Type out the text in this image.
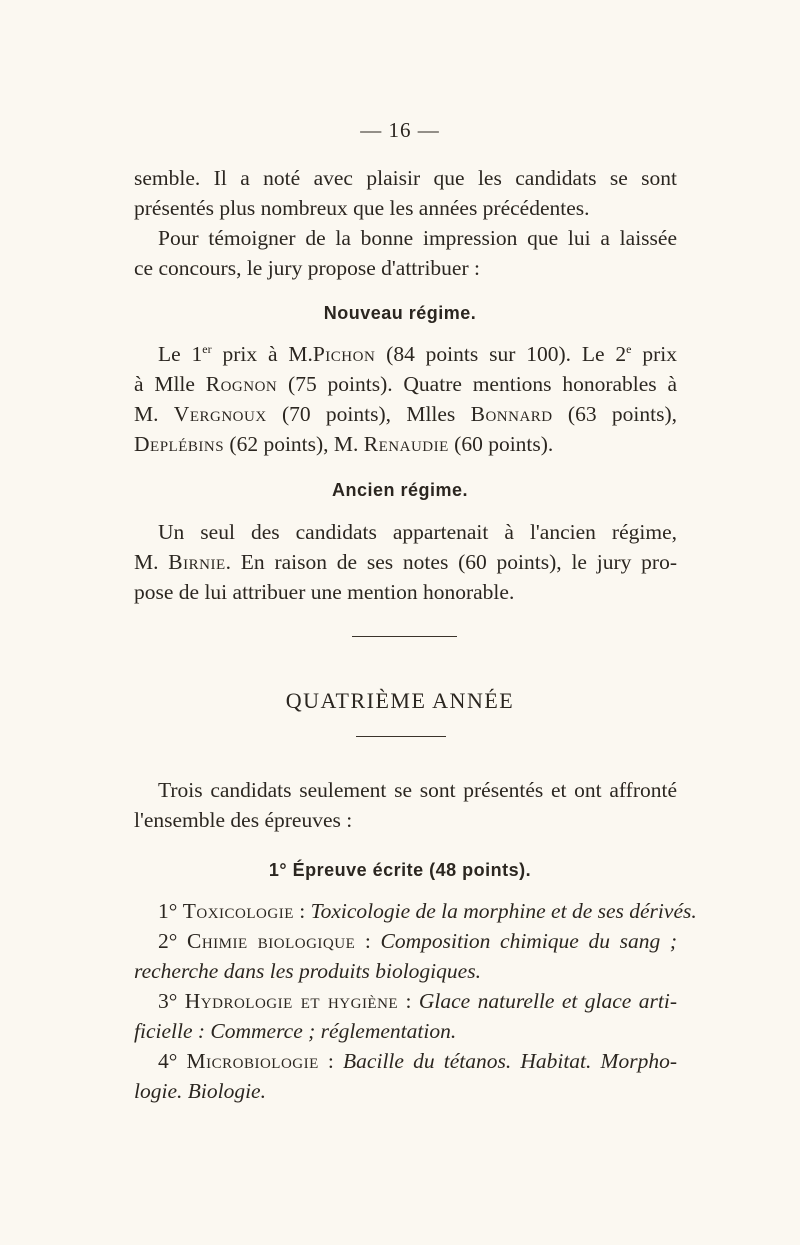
— 16 —
semble. Il a noté avec plaisir que les candidats se sont
présentés plus nombreux que les années précédentes.
Pour témoigner de la bonne impression que lui a laissée
ce concours, le jury propose d'attribuer :
Nouveau régime.
Le 1er prix à M.Pichon (84 points sur 100). Le 2e prix
à Mlle Rognon (75 points). Quatre mentions honorables à
M. Vergnoux (70 points), Mlles Bonnard (63 points),
Deplébins (62 points), M. Renaudie (60 points).
Ancien régime.
Un seul des candidats appartenait à l'ancien régime,
M. Birnie. En raison de ses notes (60 points), le jury pro-
pose de lui attribuer une mention honorable.
QUATRIÈME ANNÉE
Trois candidats seulement se sont présentés et ont affronté
l'ensemble des épreuves :
1° Épreuve écrite (48 points).
1° Toxicologie : Toxicologie de la morphine et de ses dérivés.
2° Chimie biologique : Composition chimique du sang ;
recherche dans les produits biologiques.
3° Hydrologie et hygiène : Glace naturelle et glace arti-
ficielle : Commerce ; réglementation.
4° Microbiologie : Bacille du tétanos. Habitat. Morpho-
logie. Biologie.
